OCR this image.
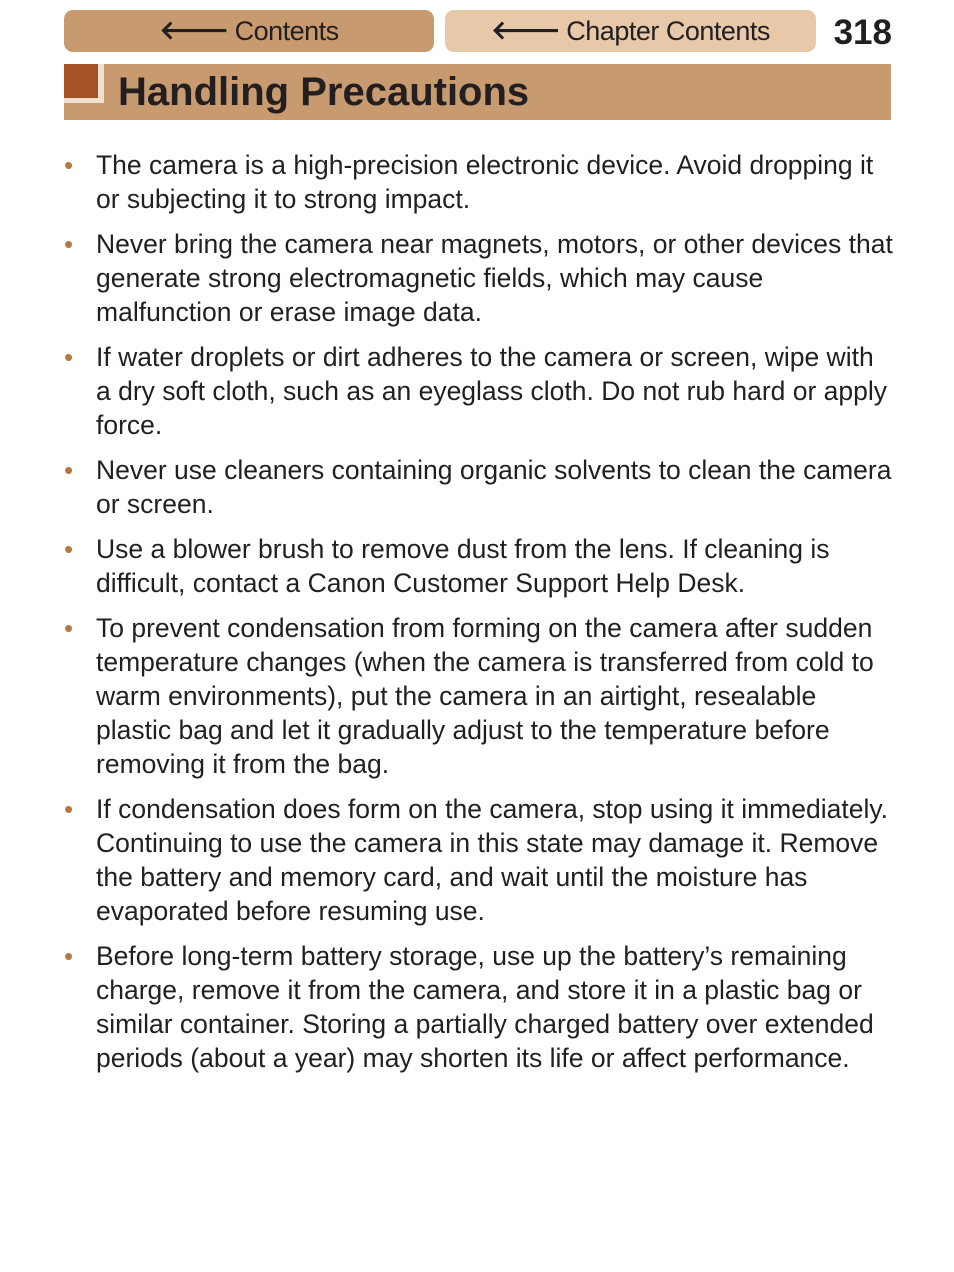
🡐 Contents	🡐 Chapter Contents 318
Handling Precautions
• The camera is a high-precision electronic device. Avoid dropping it or subjecting it to strong impact.
• Never bring the camera near magnets, motors, or other devices that generate strong electromagnetic fields, which may cause malfunction or erase image data.
• If water droplets or dirt adheres to the camera or screen, wipe with a dry soft cloth, such as an eyeglass cloth. Do not rub hard or apply force.
• Never use cleaners containing organic solvents to clean the camera or screen.
• Use a blower brush to remove dust from the lens. If cleaning is difficult, contact a Canon Customer Support Help Desk.
• To prevent condensation from forming on the camera after sudden temperature changes (when the camera is transferred from cold to warm environments), put the camera in an airtight, resealable plastic bag and let it gradually adjust to the temperature before removing it from the bag.
• If condensation does form on the camera, stop using it immediately. Continuing to use the camera in this state may damage it. Remove the battery and memory card, and wait until the moisture has evaporated before resuming use.
• Before long-term battery storage, use up the battery’s remaining charge, remove it from the camera, and store it in a plastic bag or similar container. Storing a partially charged battery over extended periods (about a year) may shorten its life or affect performance.
